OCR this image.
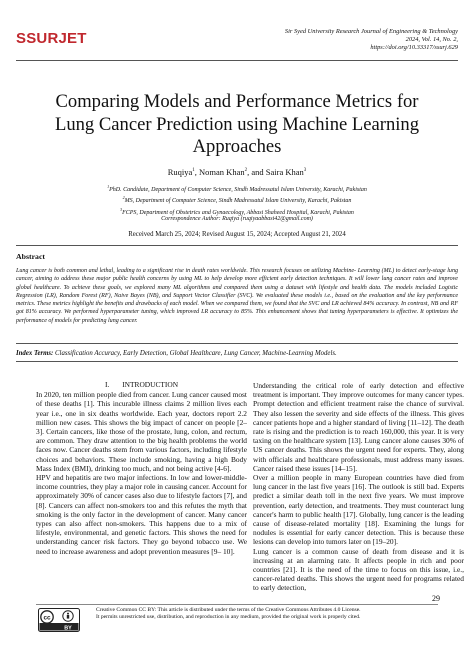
SSURJET	Sir Syed University Research Journal of Engineering & Technology
2024, Vol. 14, No. 2,
https://doi.org/10.33317/ssurj.629
Comparing Models and Performance Metrics for
Lung Cancer Prediction using Machine Learning
Approaches
Ruqiya$^1$, Noman Khan$^2$, and Saira Khan$^3$
$^1$PhD. Candidate, Department of Computer Science, Sindh Madressatul Islam University, Karachi, Pakistan
$^2$MS, Department of Computer Science, Sindh Madressatul Islam University, Karachi, Pakistan
$^3$FCPS, Department of Obstetrics and Gynaecology, Abbasi Shaheed Hospital, Karachi, Pakistan
Correspondence Author: Ruqiya (ruqiyaabbasi42@gmail.com)
Received March 25, 2024; Revised August 15, 2024; Accepted August 21, 2024
Abstract
Lung cancer is both common and lethal, leading to a significant rise in death rates worldwide. This research focuses on utilizing Machine- Learning (ML) to detect early-stage lung cancer, aiming to address these major public health concerns by using ML to help develop more efficient early detection techniques. It will lower lung cancer rates and improve global healthcare. To achieve these goals, we explored many ML algorithms and compared them using a dataset with lifestyle and health data. The models included Logistic Regression (LR), Random Forest (RF), Naive Bayes (NB), and Support Vector Classifier (SVC). We evaluated these models i.e., based on the evaluation and the key performance metrics. These metrics highlight the benefits and drawbacks of each model. When we compared them, we found that the SVC and LR achieved 84% accuracy. In contrast, NB and RF got 81% accuracy. We performed hyperparameter tuning, which improved LR accuracy to 85%. This enhancement shows that tuning hyperparameters is effective. It optimizes the performance of models for predicting lung cancer.
Index Terms: Classification Accuracy, Early Detection, Global Healthcare, Lung Cancer, Machine-Learning Models.
I.       INTRODUCTION

In 2020, ten million people died from cancer. Lung cancer caused most of these deaths [1]. This incurable illness claims 2 million lives each year i.e., one in six deaths worldwide. Each year, doctors report 2.2 million new cases. This shows the big impact of cancer on people [2– 3]. Certain cancers, like those of the prostate, lung, colon, and rectum, are common. They draw attention to the big health problems the world faces now. Cancer deaths stem from various factors, including lifestyle choices and behaviors. These include smoking, having a high Body Mass Index (BMI), drinking too much, and not being active [4-6].

HPV and hepatitis are two major infections. In low and lower-middle-income countries, they play a major role in causing cancer. Account for approximately 30% of cancer cases also due to lifestyle factors [7], and [8]. Cancers can affect non-smokers too and this refutes the myth that smoking is the only factor in the development of cancer. Many cancer types can also affect non-smokers. This happens due to a mix of lifestyle, environmental, and genetic factors. This shows the need for understanding cancer risk factors. They go beyond tobacco use. We need to increase awareness and adopt prevention measures [9– 10].

Understanding the critical role of early detection and effective treatment is important. They improve outcomes for many cancer types. Prompt detection and efficient treatment raise the chance of survival. They also lessen the severity and side effects of the illness. This gives cancer patients hope and a higher standard of living [11–12]. The death rate is rising and the prediction is to reach 160,000, this year. It is very taxing on the healthcare system [13]. Lung cancer alone causes 30% of US cancer deaths. This shows the urgent need for experts. They, along with officials and healthcare professionals, must address many issues. Cancer raised these issues [14–15].

Over a million people in many European countries have died from lung cancer in the last five years [16]. The outlook is still bad. Experts predict a similar death toll in the next five years. We must improve prevention, early detection, and treatments. They must counteract lung cancer's harm to public health [17]. Globally, lung cancer is the leading cause of disease-related mortality [18]. Examining the lungs for nodules is essential for early cancer detection. This is because these lesions can develop into tumors later on [19–20].

Lung cancer is a common cause of death from disease and it is increasing at an alarming rate. It affects people in rich and poor countries [21]. It is the need of the time to focus on this issue, i.e., cancer-related deaths. This shows the urgent need for programs related to early detection,

29
cc
BY
Creative Common CC BY: This article is distributed under the terms of the Creative Commons Attributes 4.0 License.
It permits unrestricted use, distribution, and reproduction in any medium, provided the original work is properly cited.
